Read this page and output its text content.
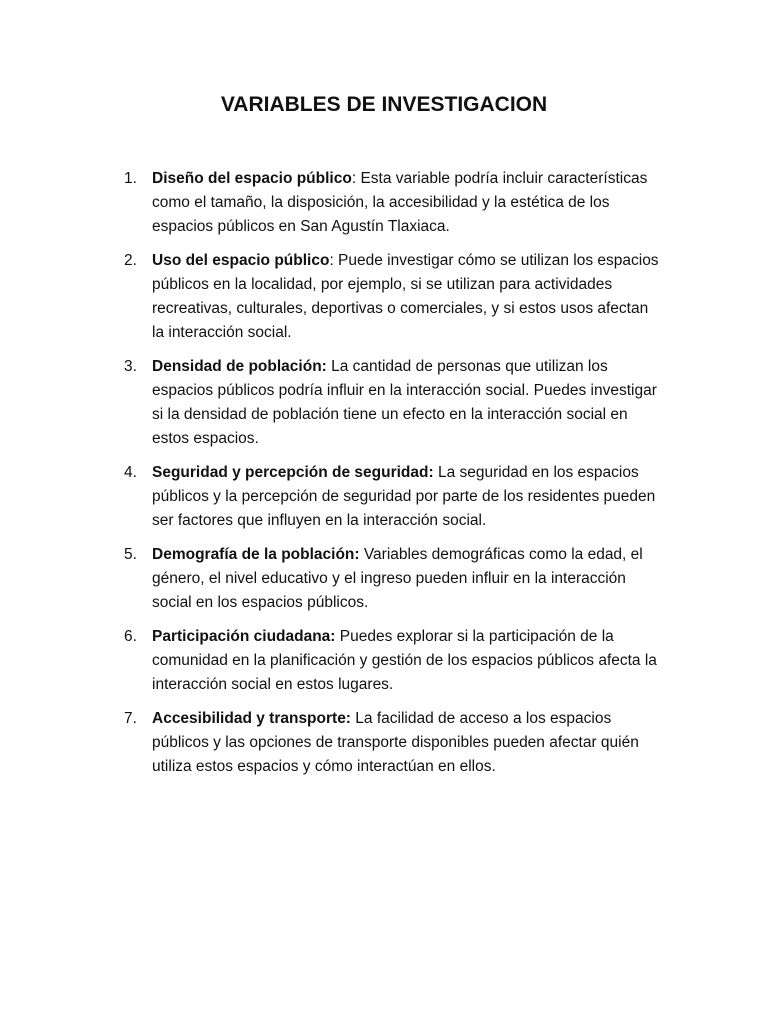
VARIABLES DE INVESTIGACION
1. Diseño del espacio público: Esta variable podría incluir características como el tamaño, la disposición, la accesibilidad y la estética de los espacios públicos en San Agustín Tlaxiaca.
2. Uso del espacio público: Puede investigar cómo se utilizan los espacios públicos en la localidad, por ejemplo, si se utilizan para actividades recreativas, culturales, deportivas o comerciales, y si estos usos afectan la interacción social.
3. Densidad de población: La cantidad de personas que utilizan los espacios públicos podría influir en la interacción social. Puedes investigar si la densidad de población tiene un efecto en la interacción social en estos espacios.
4. Seguridad y percepción de seguridad: La seguridad en los espacios públicos y la percepción de seguridad por parte de los residentes pueden ser factores que influyen en la interacción social.
5. Demografía de la población: Variables demográficas como la edad, el género, el nivel educativo y el ingreso pueden influir en la interacción social en los espacios públicos.
6. Participación ciudadana: Puedes explorar si la participación de la comunidad en la planificación y gestión de los espacios públicos afecta la interacción social en estos lugares.
7. Accesibilidad y transporte: La facilidad de acceso a los espacios públicos y las opciones de transporte disponibles pueden afectar quién utiliza estos espacios y cómo interactúan en ellos.
